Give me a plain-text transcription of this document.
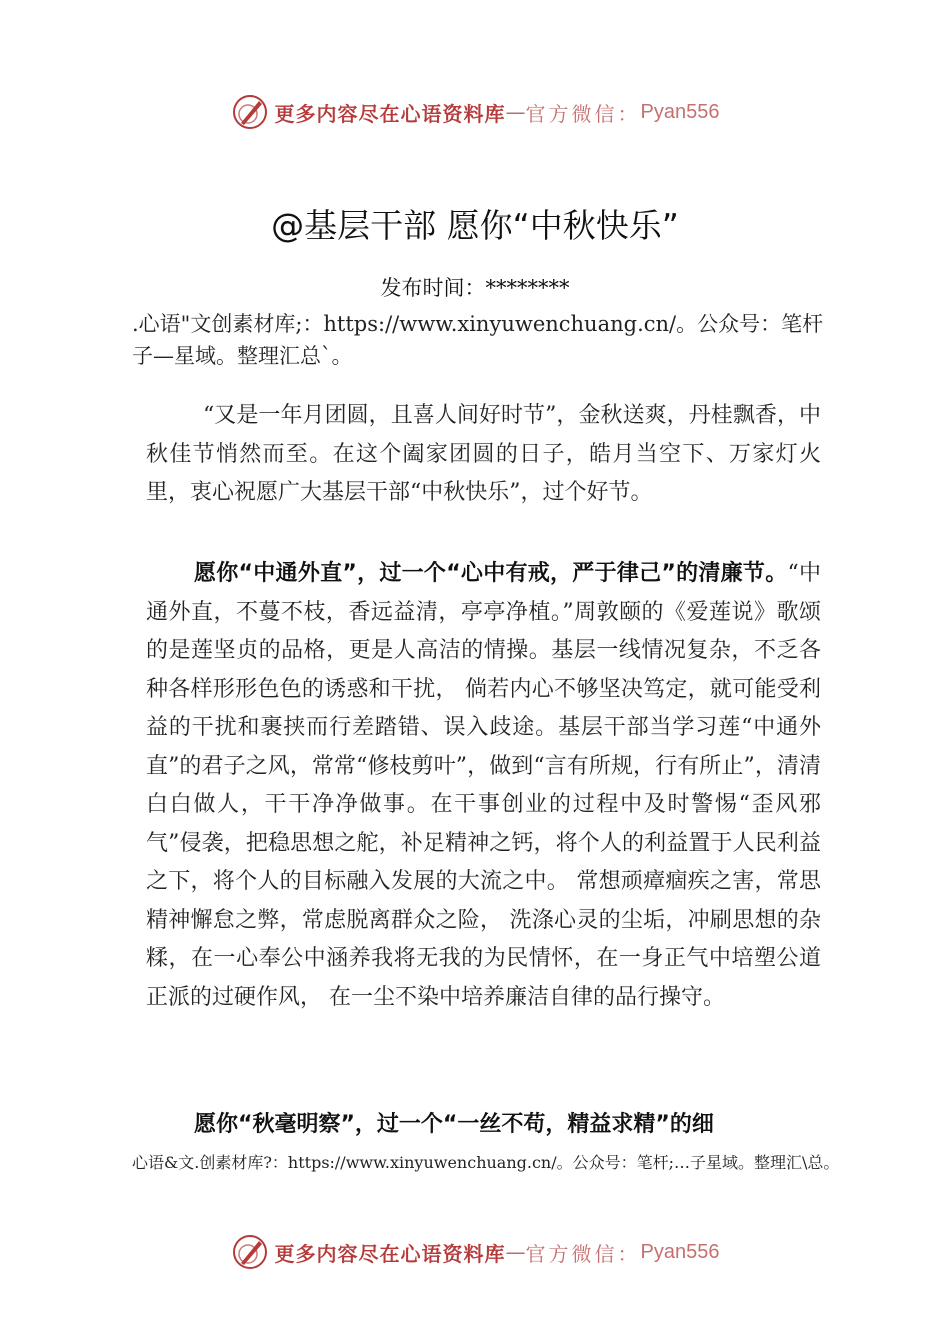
更多内容尽在心语资料库 — 官方微信： Pyan556
@基层干部 愿你“中秋快乐”
发布时间：********
.心语"文创素材库;：https://www.xinyuwenchuang.cn/。公众号：笔杆子—星域。整理汇总`。
“又是一年月团圆，且喜人间好时节”，金秋送爽，丹桂飘香，中秋佳节悄然而至。在这个阖家团圆的日子，皓月当空下、万家灯火里，衷心祝愿广大基层干部“中秋快乐”，过个好节。
愿你“中通外直”，过一个“心中有戒，严于律己”的清廉节。“中通外直，不蔓不枝，香远益清，亭亭净植。”周敦颐的《爱莲说》歌颂的是莲坚贞的品格，更是人高洁的情操。基层一线情况复杂，不乏各种各样形形色色的诱惑和干扰， 倘若内心不够坚决笃定，就可能受利益的干扰和裹挟而行差踏错、误入歧途。基层干部当学习莲“中通外直”的君子之风，常常“修枝剪叶”，做到“言有所规，行有所止”，清清白白做人，干干净净做事。在干事创业的过程中及时警惕“歪风邪气”侵袭，把稳思想之舵，补足精神之钙，将个人的利益置于人民利益之下，将个人的目标融入发展的大流之中。 常想顽瘴痼疾之害，常思精神懈怠之弊，常虑脱离群众之险， 洗涤心灵的尘垢，冲刷思想的杂糅，在一心奉公中涵养我将无我的为民情怀，在一身正气中培塑公道正派的过硬作风， 在一尘不染中培养廉洁自律的品行操守。
愿你“秋毫明察”，过一个“一丝不苟，精益求精”的细
心语&文.创素材库?：https://www.xinyuwenchuang.cn/。公众号：笔杆;…子星域。整理汇\总。
更多内容尽在心语资料库 — 官方微信： Pyan556
